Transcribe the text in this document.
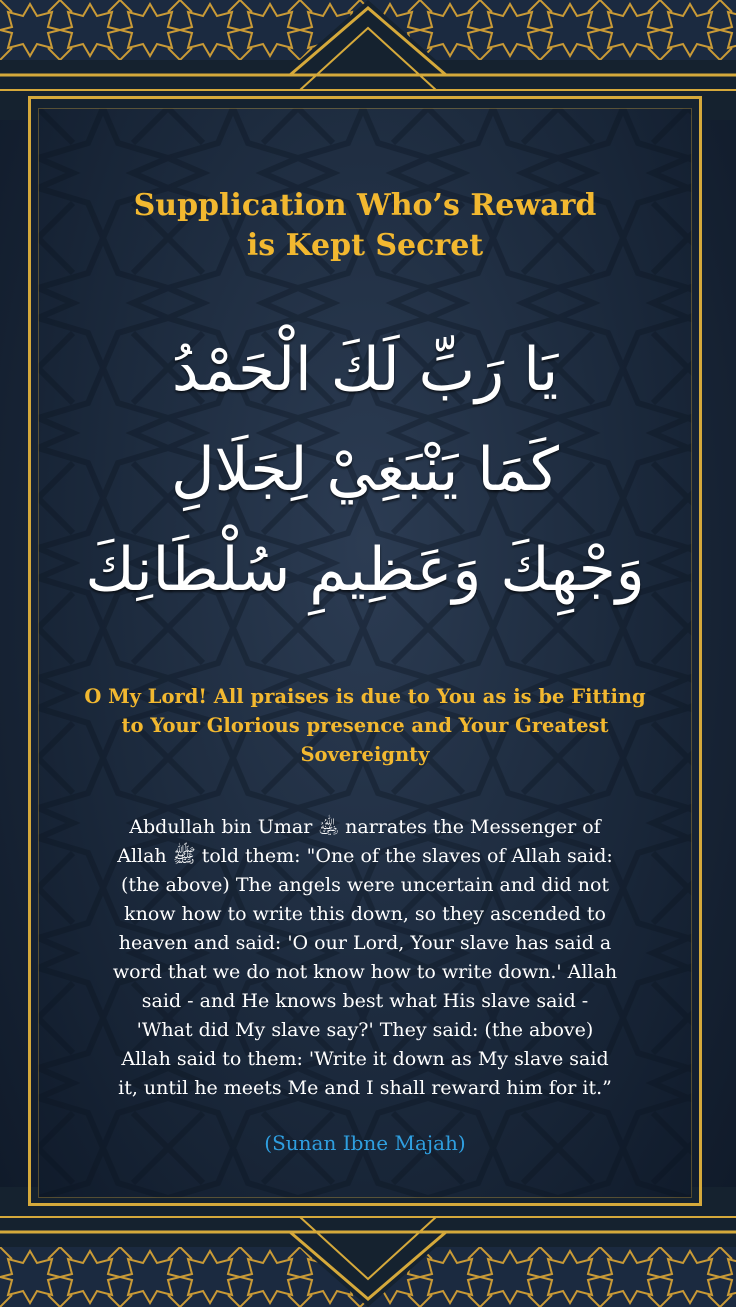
Supplication Who’s Reward
is Kept Secret
يَا رَبِّ لَكَ الْحَمْدُ
كَمَا يَنْبَغِيْ لِجَلَالِ
وَجْهِكَ وَعَظِيمِ سُلْطَانِكَ
O My Lord! All praises is due to You as is be Fitting to Your Glorious presence and Your Greatest Sovereignty
Abdullah bin Umar ﵁ narrates the Messenger of
Allah ﷺ told them: "One of the slaves of Allah said:
(the above) The angels were uncertain and did not
know how to write this down, so they ascended to
heaven and said: 'O our Lord, Your slave has said a
word that we do not know how to write down.' Allah
said - and He knows best what His slave said -
'What did My slave say?' They said: (the above)
Allah said to them: 'Write it down as My slave said
it, until he meets Me and I shall reward him for it.”
(Sunan Ibne Majah)
